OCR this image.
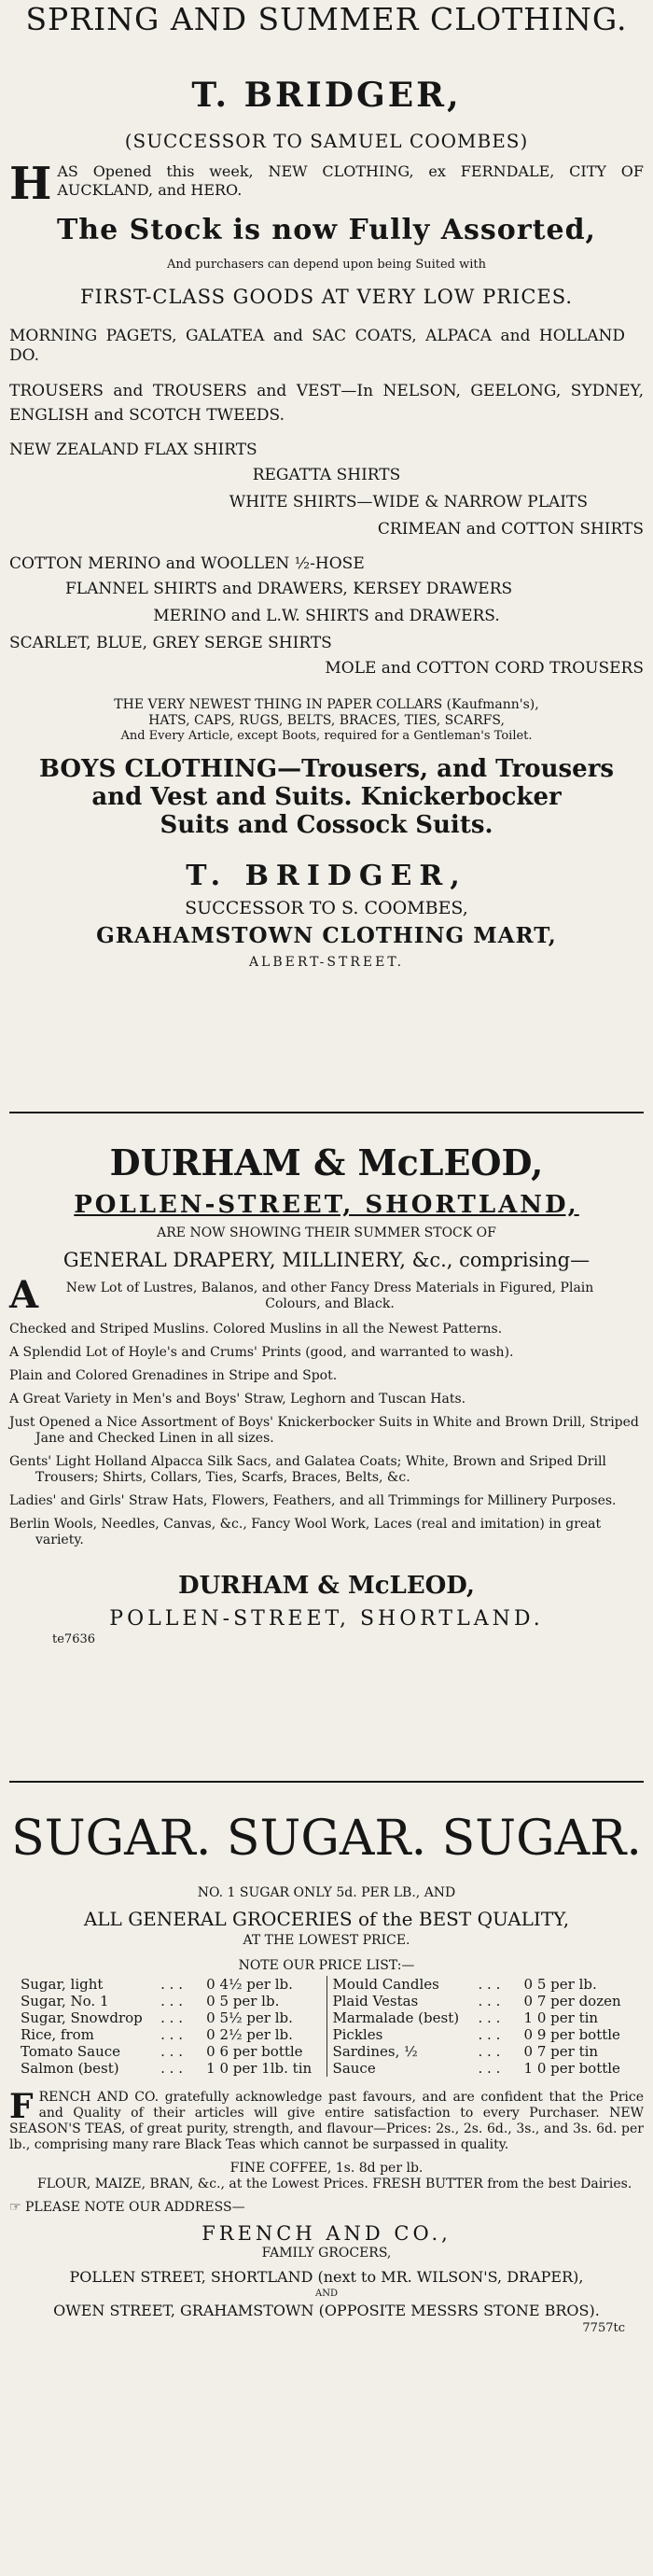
SPRING AND SUMMER CLOTHING.
T. BRIDGER,
(SUCCESSOR TO SAMUEL COOMBES)
H AS Opened this week, NEW CLOTHING, ex FERNDALE, CITY OF AUCKLAND, and HERO.
The Stock is now Fully Assorted,
And purchasers can depend upon being Suited with
FIRST-CLASS GOODS AT VERY LOW PRICES.
MORNING PAGETS, GALATEA and SAC COATS, ALPACA and HOLLAND DO.
TROUSERS and TROUSERS and VEST—In NELSON, GEELONG, SYDNEY, ENGLISH and SCOTCH TWEEDS.
NEW ZEALAND FLAX SHIRTS
REGATTA SHIRTS
WHITE SHIRTS—WIDE & NARROW PLAITS
CRIMEAN and COTTON SHIRTS
COTTON MERINO and WOOLLEN ½-HOSE
FLANNEL SHIRTS and DRAWERS, KERSEY DRAWERS
MERINO and L.W. SHIRTS and DRAWERS.
SCARLET, BLUE, GREY SERGE SHIRTS
MOLE and COTTON CORD TROUSERS
THE VERY NEWEST THING IN PAPER COLLARS (Kaufmann's),
HATS, CAPS, RUGS, BELTS, BRACES, TIES, SCARFS,
And Every Article, except Boots, required for a Gentleman's Toilet.
BOYS CLOTHING—Trousers, and Trousers
and Vest and Suits. Knickerbocker
Suits and Cossock Suits.
T. BRIDGER,
SUCCESSOR TO S. COOMBES,
GRAHAMSTOWN CLOTHING MART,
ALBERT-STREET.
DURHAM & McLEOD,
POLLEN-STREET, SHORTLAND,
ARE NOW SHOWING THEIR SUMMER STOCK OF
GENERAL DRAPERY, MILLINERY, &c., comprising—
A	New Lot of Lustres, Balanos, and other Fancy Dress Materials in Figured, Plain Colours, and Black.
Checked and Striped Muslins. Colored Muslins in all the Newest Patterns.
A Splendid Lot of Hoyle's and Crums' Prints (good, and warranted to wash).
Plain and Colored Grenadines in Stripe and Spot.
A Great Variety in Men's and Boys' Straw, Leghorn and Tuscan Hats.
Just Opened a Nice Assortment of Boys' Knickerbocker Suits in White and Brown Drill, Striped Jane and Checked Linen in all sizes.
Gents' Light Holland Alpacca Silk Sacs, and Galatea Coats; White, Brown and Sriped Drill Trousers; Shirts, Collars, Ties, Scarfs, Braces, Belts, &c.
Ladies' and Girls' Straw Hats, Flowers, Feathers, and all Trimmings for Millinery Purposes.
Berlin Wools, Needles, Canvas, &c., Fancy Wool Work, Laces (real and imitation) in great variety.
DURHAM & McLEOD,
POLLEN-STREET, SHORTLAND.
te7636
SUGAR. SUGAR. SUGAR.
NO. 1 SUGAR ONLY 5d. PER LB., AND
ALL GENERAL GROCERIES of the BEST QUALITY,
AT THE LOWEST PRICE.
NOTE OUR PRICE LIST:—
Sugar, light	. . .	0 4½ per lb.	Mould Candles	. . .	0 5 per lb.
Sugar, No. 1	. . .	0 5 per lb.	Plaid Vestas	. . .	0 7 per dozen
Sugar, Snowdrop	. . .	0 5½ per lb.	Marmalade (best)	. . .	1 0 per tin
Rice, from	. . .	0 2½ per lb.	Pickles	. . .	0 9 per bottle
Tomato Sauce	. . .	0 6 per bottle	Sardines, ½	. . .	0 7 per tin
Salmon (best)	. . .	1 0 per 1lb. tin	Sauce	. . .	1 0 per bottle
F RENCH AND CO. gratefully acknowledge past favours, and are confident that the Price and Quality of their articles will give entire satisfaction to every Purchaser. NEW SEASON'S TEAS, of great purity, strength, and flavour—Prices: 2s., 2s. 6d., 3s., and 3s. 6d. per lb., comprising many rare Black Teas which cannot be surpassed in quality.
FINE COFFEE, 1s. 8d per lb.
FLOUR, MAIZE, BRAN, &c., at the Lowest Prices. FRESH BUTTER from the best Dairies.
☞ PLEASE NOTE OUR ADDRESS—
FRENCH AND CO.,
FAMILY GROCERS,
POLLEN STREET, SHORTLAND (next to MR. WILSON'S, DRAPER),
AND
OWEN STREET, GRAHAMSTOWN (OPPOSITE MESSRS STONE BROS).
7757tc
